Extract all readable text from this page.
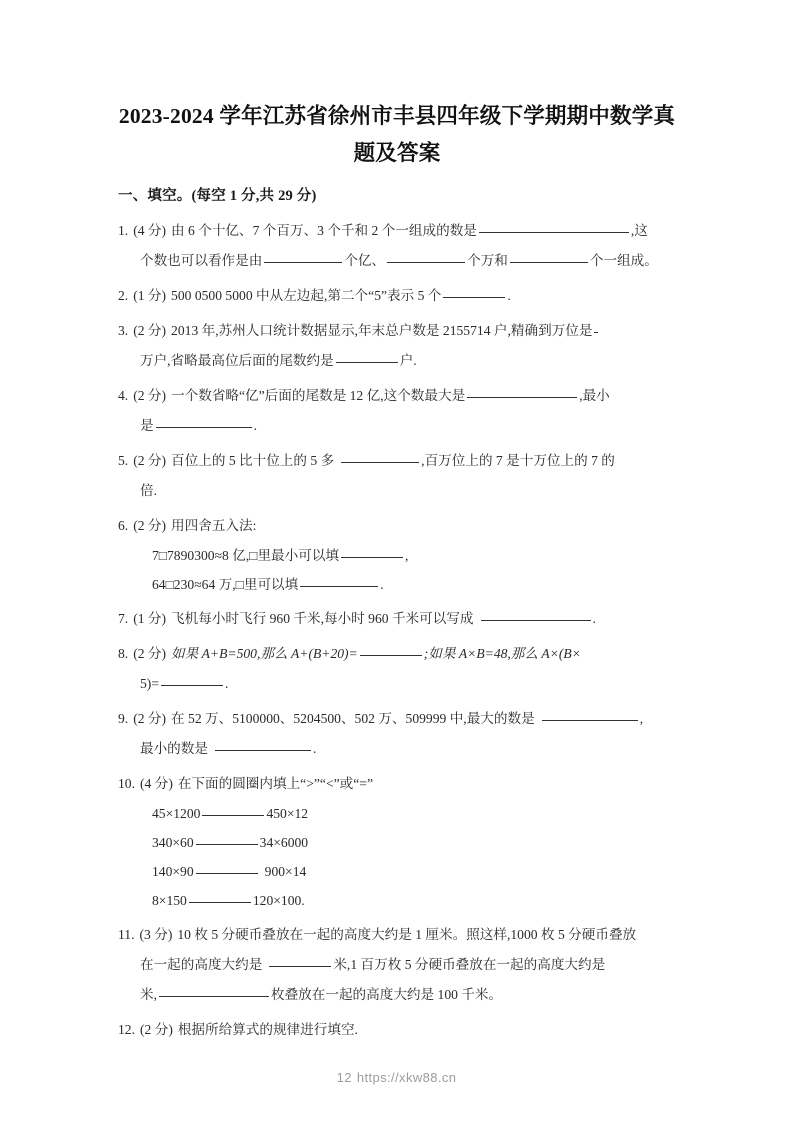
2023-2024 学年江苏省徐州市丰县四年级下学期期中数学真
题及答案
一、填空。(每空 1 分,共 29 分)
1. (4 分) 由 6 个十亿、7 个百万、3 个千和 2 个一组成的数是	,这
个数也可以看作是由	个亿、	个万和	个一组成。
2. (1 分) 500 0500 5000 中从左边起,第二个“5”表示 5 个	.
3. (2 分) 2013 年,苏州人口统计数据显示,年末总户数是 2155714 户,精确到万位是
万户,省略最高位后面的尾数约是	户.
4. (2 分) 一个数省略“亿”后面的尾数是 12 亿,这个数最大是	,最小
是	.
5. (2 分) 百位上的 5 比十位上的 5 多	,百万位上的 7 是十万位上的 7 的
倍.
6. (2 分) 用四舍五入法:
7□7890300≈8 亿,□里最小可以填	,
64□230≈64 万,□里可以填	.
7. (1 分) 飞机每小时飞行 960 千米,每小时 960 千米可以写成	.
8. (2 分) 如果 A+B=500,那么 A+(B+20)=	;如果 A×B=48,那么 A×(B×
5)=	.
9. (2 分) 在 52 万、5100000、5204500、502 万、509999 中,最大的数是	,
最小的数是	.
10. (4 分) 在下面的圆圈内填上“>”“<”或“=”
45×1200	450×12
340×60	34×6000
140×90	900×14
8×150	120×100.
11. (3 分) 10 枚 5 分硬币叠放在一起的高度大约是 1 厘米。照这样,1000 枚 5 分硬币叠放
在一起的高度大约是	米,1 百万枚 5 分硬币叠放在一起的高度大约是
米,	枚叠放在一起的高度大约是 100 千米。
12. (2 分) 根据所给算式的规律进行填空.
12 https://xkw88.cn
